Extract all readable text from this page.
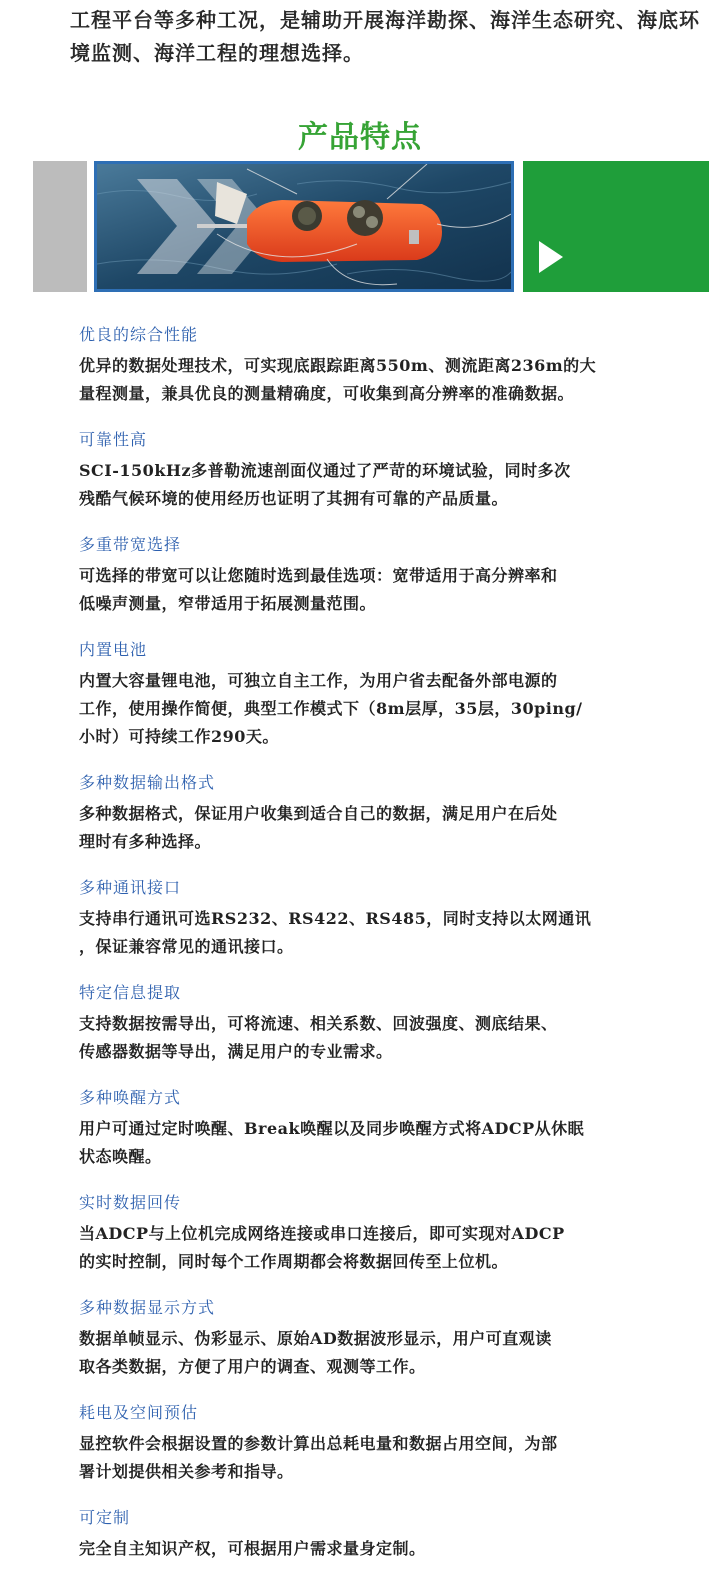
工程平台等多种工况，是辅助开展海洋勘探、海洋生态研究、海底环境监测、海洋工程的理想选择。
产品特点
优良的综合性能

优异的数据处理技术，可实现底跟踪距离550m、测流距离236m的大

量程测量，兼具优良的测量精确度，可收集到高分辨率的准确数据。

可靠性高

SCⅠ-150kHz多普勒流速剖面仪通过了严苛的环境试验，同时多次

残酷气候环境的使用经历也证明了其拥有可靠的产品质量。

多重带宽选择

可选择的带宽可以让您随时选到最佳选项：宽带适用于高分辨率和

低噪声测量，窄带适用于拓展测量范围。

内置电池

内置大容量锂电池，可独立自主工作，为用户省去配备外部电源的

工作，使用操作简便，典型工作模式下（8m层厚，35层，30ping/

小时）可持续工作290天。

多种数据输出格式

多种数据格式，保证用户收集到适合自己的数据，满足用户在后处

理时有多种选择。

多种通讯接口

支持串行通讯可选RS232、RS422、RS485，同时支持以太网通讯

，保证兼容常见的通讯接口。

特定信息提取

支持数据按需导出，可将流速、相关系数、回波强度、测底结果、

传感器数据等导出，满足用户的专业需求。

多种唤醒方式

用户可通过定时唤醒、Break唤醒以及同步唤醒方式将ADCP从休眠

状态唤醒。

实时数据回传

当ADCP与上位机完成网络连接或串口连接后，即可实现对ADCP

的实时控制，同时每个工作周期都会将数据回传至上位机。

多种数据显示方式

数据单帧显示、伪彩显示、原始AD数据波形显示，用户可直观读

取各类数据，方便了用户的调查、观测等工作。

耗电及空间预估

显控软件会根据设置的参数计算出总耗电量和数据占用空间，为部

署计划提供相关参考和指导。

可定制

完全自主知识产权，可根据用户需求量身定制。
